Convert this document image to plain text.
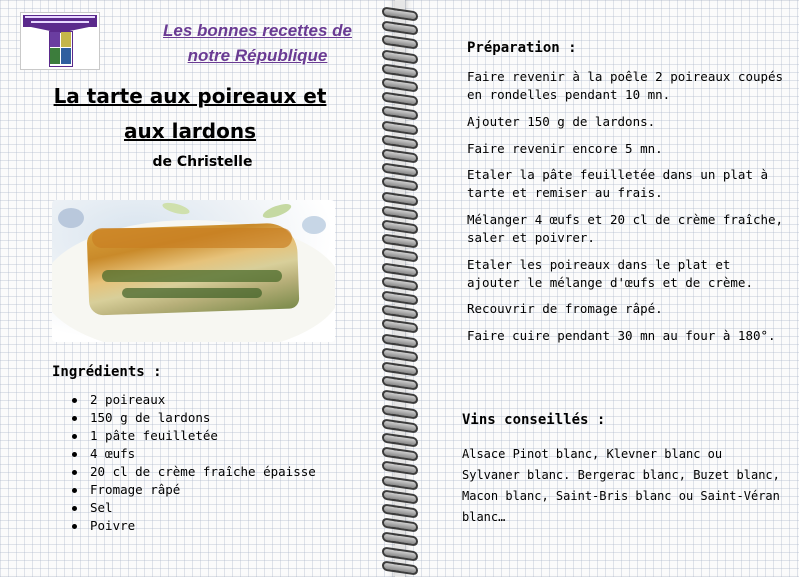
Les bonnes recettes de
notre République
La tarte aux poireaux et
aux lardons
de Christelle
Ingrédients :
2 poireaux
150 g de lardons
1 pâte feuilletée
4 œufs
20 cl de crème fraîche épaisse
Fromage râpé
Sel
Poivre
Préparation :
Faire revenir à la poêle 2 poireaux coupés en rondelles pendant 10 mn.
Ajouter 150 g de lardons.
Faire revenir encore 5 mn.
Etaler la pâte feuilletée dans un plat à tarte et remiser au frais.
Mélanger 4 œufs et 20 cl de crème fraîche, saler et poivrer.
Etaler les poireaux dans le plat et ajouter le mélange d'œufs et de crème.
Recouvrir de fromage râpé.
Faire cuire pendant 30 mn au four à 180°.
Vins conseillés :
Alsace Pinot blanc, Klevner blanc ou Sylvaner blanc. Bergerac blanc, Buzet blanc, Macon blanc, Saint-Bris blanc ou Saint-Véran blanc…
